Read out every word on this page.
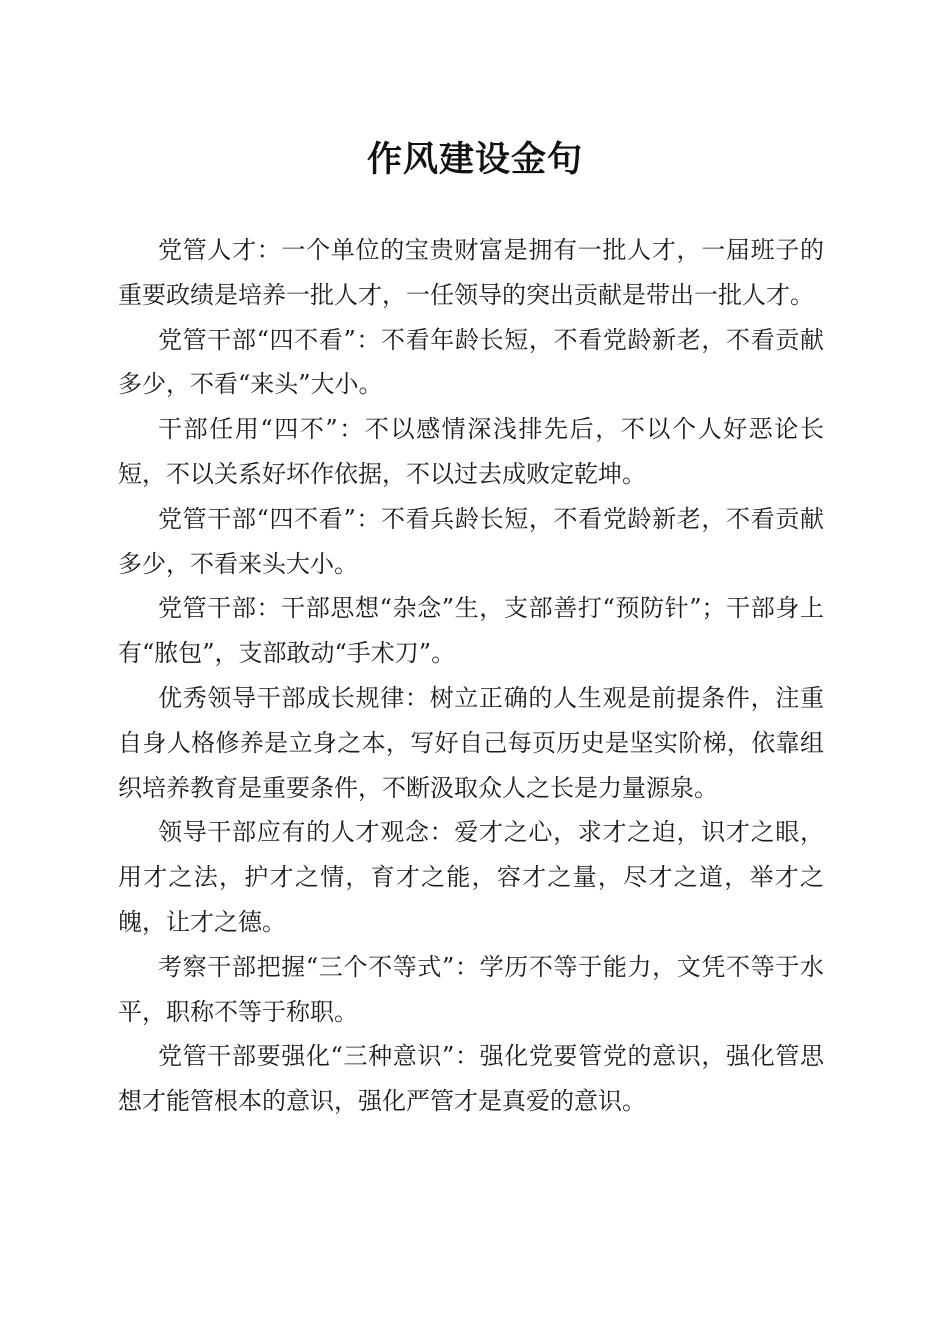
作风建设金句

党管人才：一个单位的宝贵财富是拥有一批人才，一届班子的重要政绩是培养一批人才，一任领导的突出贡献是带出一批人才。

党管干部“四不看”：不看年龄长短，不看党龄新老，不看贡献多少，不看“来头”大小。

干部任用“四不”：不以感情深浅排先后，不以个人好恶论长短，不以关系好坏作依据，不以过去成败定乾坤。

党管干部“四不看”：不看兵龄长短，不看党龄新老，不看贡献多少，不看来头大小。

党管干部：干部思想“杂念”生，支部善打“预防针”；干部身上有“脓包”，支部敢动“手术刀”。

优秀领导干部成长规律：树立正确的人生观是前提条件，注重自身人格修养是立身之本，写好自己每页历史是坚实阶梯，依靠组织培养教育是重要条件，不断汲取众人之长是力量源泉。

领导干部应有的人才观念：爱才之心，求才之迫，识才之眼，用才之法，护才之情，育才之能，容才之量，尽才之道，举才之魄，让才之德。

考察干部把握“三个不等式”：学历不等于能力，文凭不等于水平，职称不等于称职。

党管干部要强化“三种意识”：强化党要管党的意识，强化管思想才能管根本的意识，强化严管才是真爱的意识。
